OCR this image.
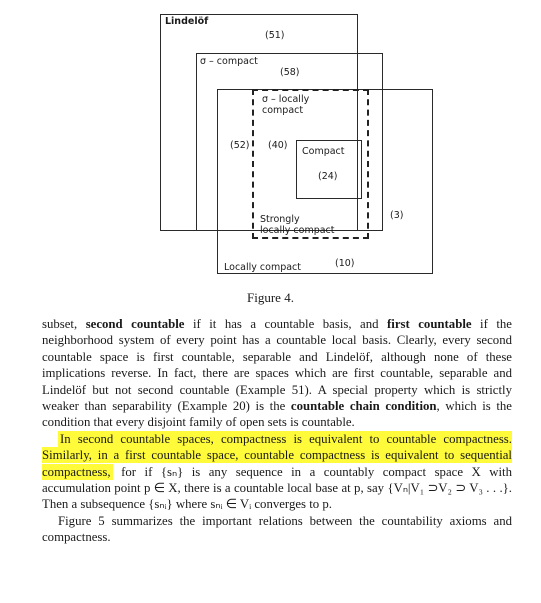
Lindelöf
(51)
σ – compact
(58)
σ – locally
compact
(52) (40)
Compact
(24)
Strongly
locally compact
(3)
Locally compact	(10)
Figure 4.

subset, second countable if it has a countable basis, and first countable if the neighborhood system of every point has a countable local basis. Clearly, every second countable space is first countable, separable and Lindelöf, although none of these implications reverse. In fact, there are spaces which are first countable, separable and Lindelöf but not second countable (Example 51). A special property which is strictly weaker than separability (Example 20) is the countable chain condition, which is the condition that every disjoint family of open sets is countable.

In second countable spaces, compactness is equivalent to countable compactness. Similarly, in a first countable space, countable compactness is equivalent to sequential compactness, for if {sₙ} is any sequence in a countably compact space X with accumulation point p ∈ X, there is a countable local base at p, say {Vₙ|V₁ ⊃V₂ ⊃ V₃ . . .}. Then a subsequence {sₙᵢ} where sₙᵢ ∈ Vᵢ converges to p.

Figure 5 summarizes the important relations between the countability axioms and compactness.
